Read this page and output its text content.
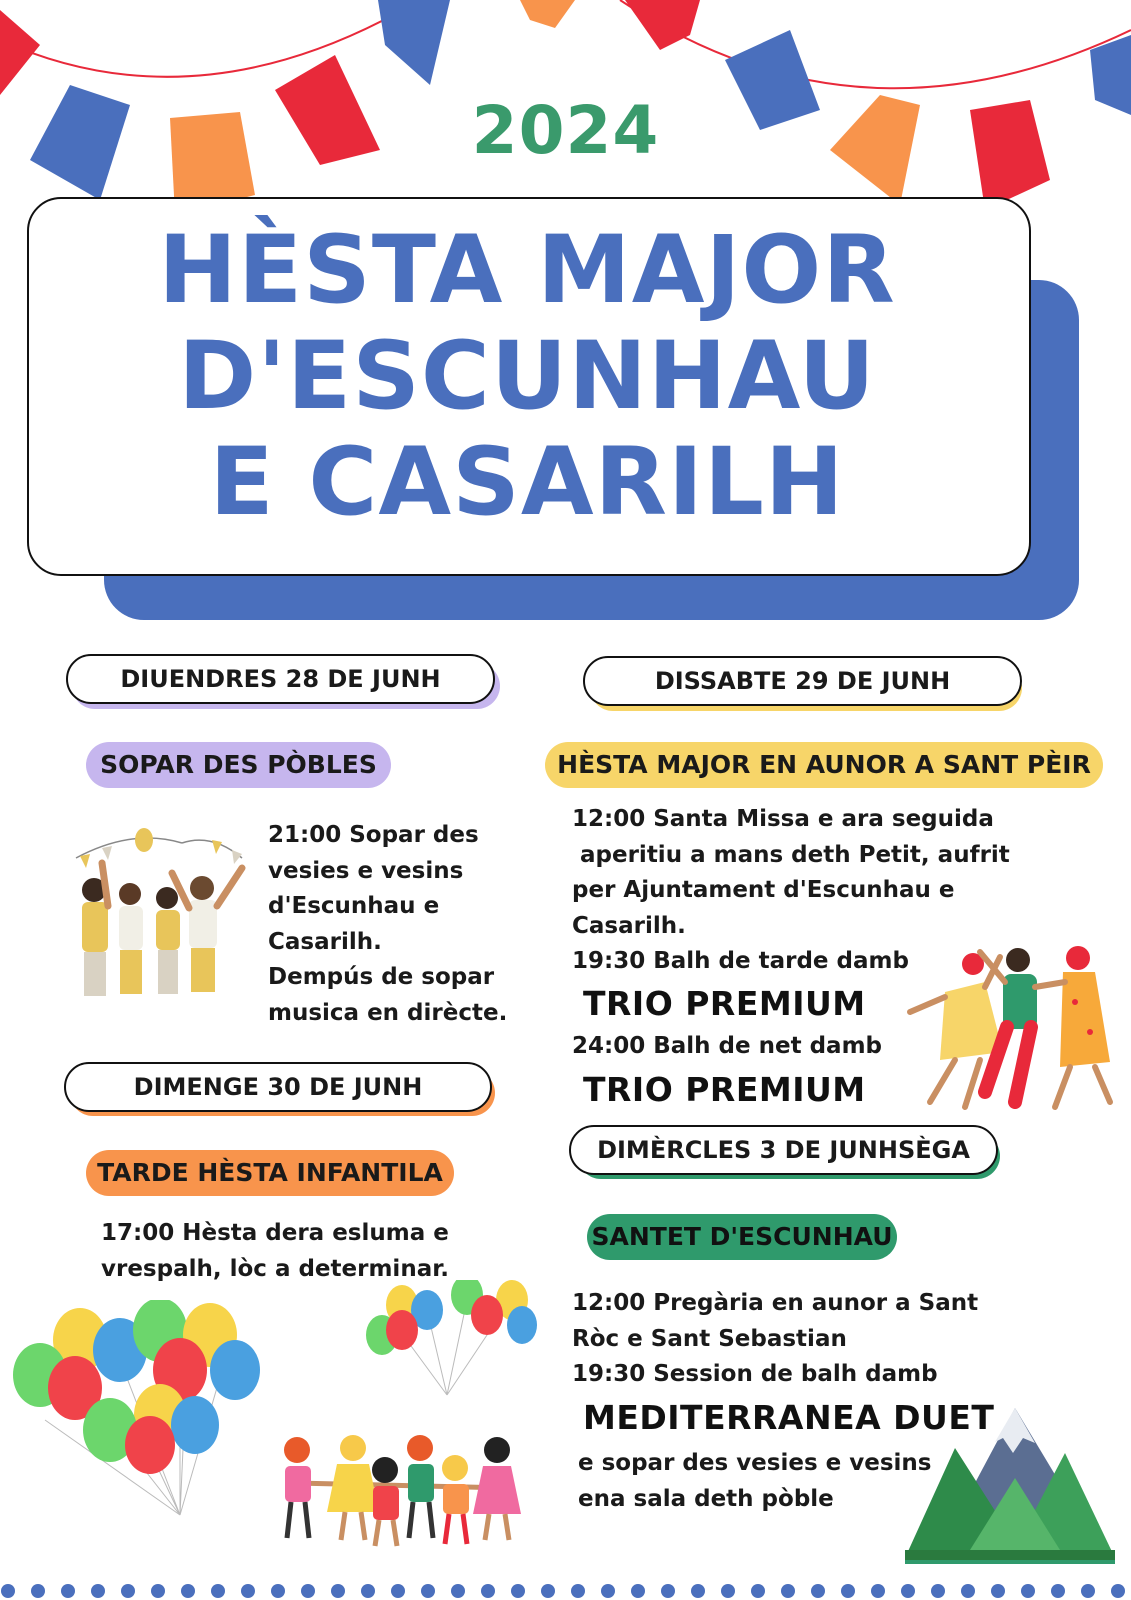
2024
HÈSTA MAJOR
D'ESCUNHAU
E CASARILH
DIUENDRES 28 DE JUNH
SOPAR DES PÒBLES
21:00 Sopar des
vesies e vesins
d'Escunhau e
Casarilh.
Dempús de sopar
musica en dirècte.
DISSABTE 29 DE JUNH
HÈSTA MAJOR EN AUNOR A SANT PÈIR
12:00 Santa Missa e ara seguida
aperitiu a mans deth Petit, aufrit
per Ajuntament d'Escunhau e
Casarilh.
19:30 Balh de tarde damb
TRIO PREMIUM
24:00 Balh de net damb
TRIO PREMIUM
DIMENGE 30 DE JUNH
TARDE HÈSTA INFANTILA
17:00 Hèsta dera esluma e
vrespalh, lòc a determinar.
DIMÈRCLES 3 DE JUNHSÈGA
SANTET D'ESCUNHAU
12:00 Pregària en aunor a Sant
Ròc e Sant Sebastian
19:30 Session de balh damb
MEDITERRANEA DUET
e sopar des vesies e vesins
ena sala deth pòble
